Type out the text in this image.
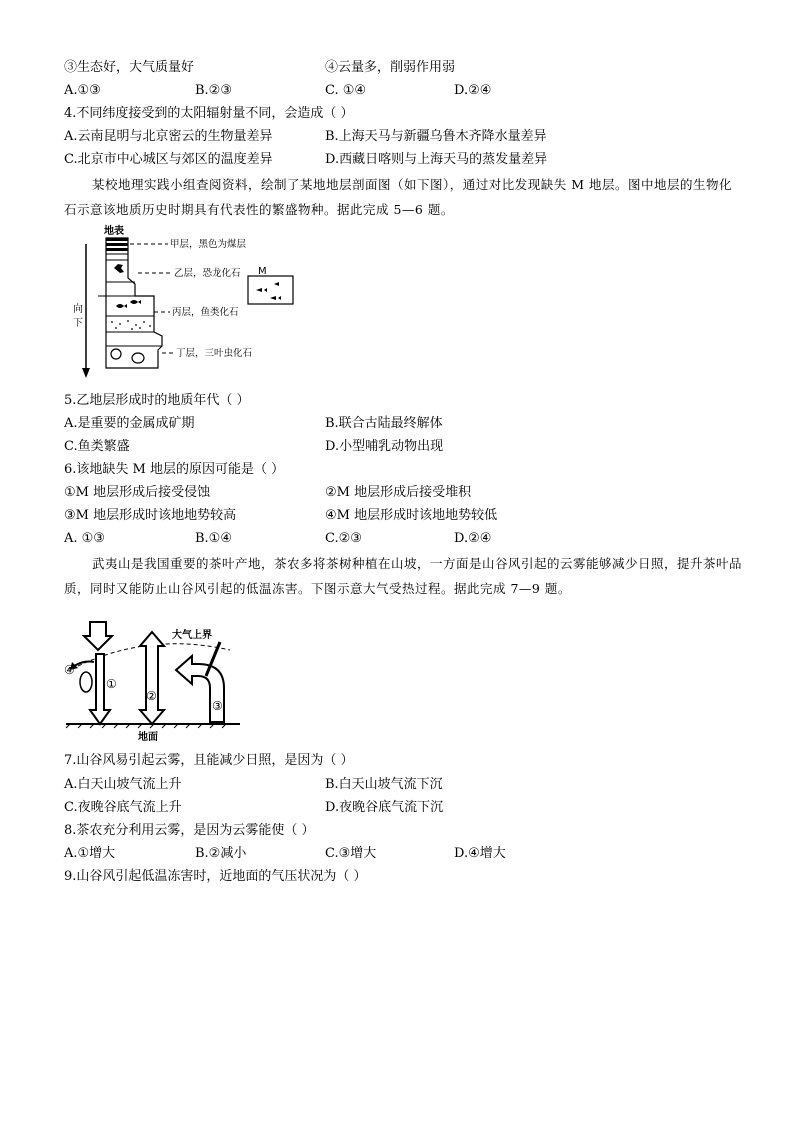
③生态好，大气质量好	④云量多，削弱作用弱
A.①③	B.②③	C. ①④	D.②④
4.不同纬度接受到的太阳辐射量不同，会造成（ ）
A.云南昆明与北京密云的生物量差异	B.上海天马与新疆乌鲁木齐降水量差异
C.北京市中心城区与郊区的温度差异	D.西藏日喀则与上海天马的蒸发量差异
某校地理实践小组查阅资料，绘制了某地地层剖面图（如下图），通过对比发现缺失 M 地层。图中地层的生物化石示意该地质历史时期具有代表性的繁盛物种。据此完成 5—6 题。
向
下
地表
甲层，黑色为煤层
乙层，恐龙化石
丙层，鱼类化石
丁层，三叶虫化石
M
5.乙地层形成时的地质年代（ ）
A.是重要的金属成矿期	B.联合古陆最终解体
C.鱼类繁盛	D.小型哺乳动物出现
6.该地缺失 M 地层的原因可能是（ ）
①M 地层形成后接受侵蚀	②M 地层形成后接受堆积
③M 地层形成时该地地势较高	④M 地层形成时该地地势较低
A. ①③	B.①④	C.②③	D.②④
武夷山是我国重要的茶叶产地，茶农多将茶树种植在山坡，一方面是山谷风引起的云雾能够减少日照，提升茶叶品质，同时又能防止山谷风引起的低温冻害。下图示意大气受热过程。据此完成 7—9 题。
地面
大气上界
①
④
②
③
7.山谷风易引起云雾，且能减少日照，是因为（ ）
A.白天山坡气流上升	B.白天山坡气流下沉
C.夜晚谷底气流上升	D.夜晚谷底气流下沉
8.茶农充分利用云雾，是因为云雾能使（ ）
A.①增大	B.②减小	C.③增大	D.④增大
9.山谷风引起低温冻害时，近地面的气压状况为（ ）
